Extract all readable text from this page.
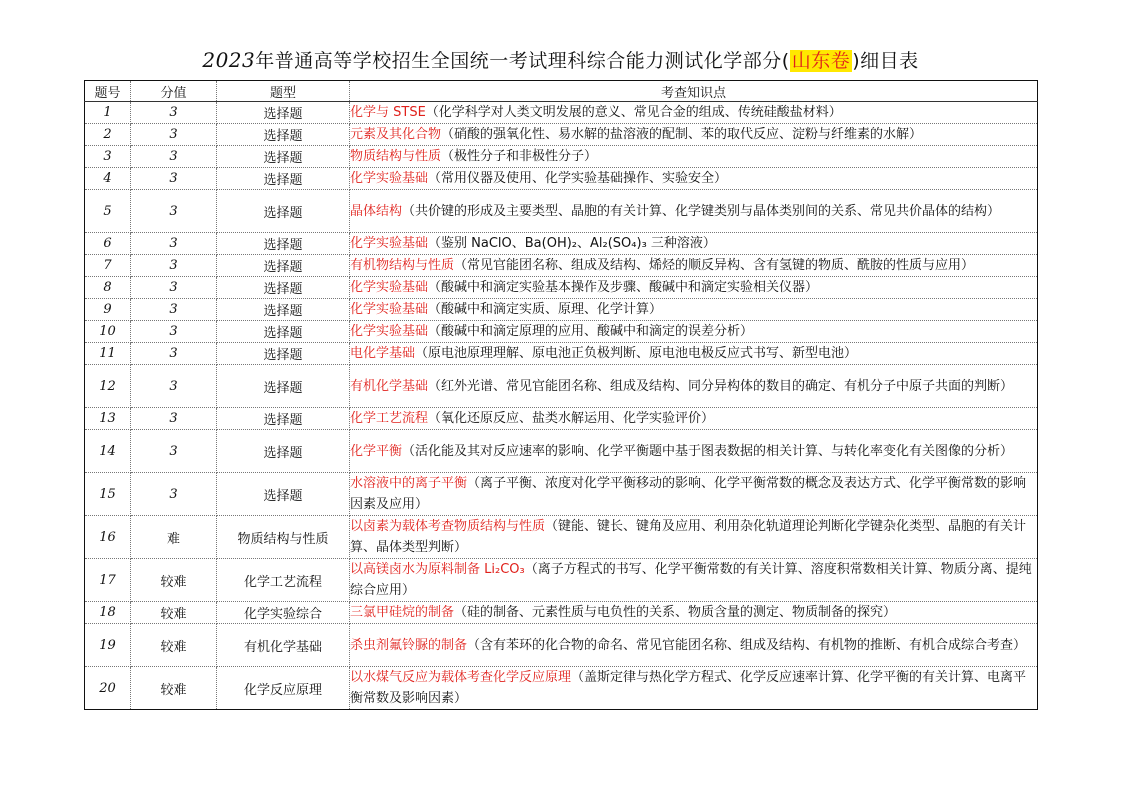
2023年普通高等学校招生全国统一考试理科综合能力测试化学部分( 山东卷 )细目表
题号	分值	题型	考查知识点
1	3	选择题	化学与 STSE（化学科学对人类文明发展的意义、常见合金的组成、传统硅酸盐材料）
2	3	选择题	元素及其化合物（硝酸的强氧化性、易水解的盐溶液的配制、苯的取代反应、淀粉与纤维素的水解）
3	3	选择题	物质结构与性质（极性分子和非极性分子）
4	3	选择题	化学实验基础（常用仪器及使用、化学实验基础操作、实验安全）
5	3	选择题	晶体结构（共价键的形成及主要类型、晶胞的有关计算、化学键类别与晶体类别间的关系、常见共价晶体的结构）
6	3	选择题	化学实验基础（鉴别 NaClO、Ba(OH)₂、Al₂(SO₄)₃ 三种溶液）
7	3	选择题	有机物结构与性质（常见官能团名称、组成及结构、烯烃的顺反异构、含有氢键的物质、酰胺的性质与应用）
8	3	选择题	化学实验基础（酸碱中和滴定实验基本操作及步骤、酸碱中和滴定实验相关仪器）
9	3	选择题	化学实验基础（酸碱中和滴定实质、原理、化学计算）
10	3	选择题	化学实验基础（酸碱中和滴定原理的应用、酸碱中和滴定的误差分析）
11	3	选择题	电化学基础（原电池原理理解、原电池正负极判断、原电池电极反应式书写、新型电池）
12	3	选择题	有机化学基础（红外光谱、常见官能团名称、组成及结构、同分异构体的数目的确定、有机分子中原子共面的判断）
13	3	选择题	化学工艺流程（氧化还原反应、盐类水解运用、化学实验评价）
14	3	选择题	化学平衡（活化能及其对反应速率的影响、化学平衡题中基于图表数据的相关计算、与转化率变化有关图像的分析）
15	3	选择题	水溶液中的离子平衡（离子平衡、浓度对化学平衡移动的影响、化学平衡常数的概念及表达方式、化学平衡常数的影响因素及应用）
16	难	物质结构与性质	以卤素为载体考查物质结构与性质（键能、键长、键角及应用、利用杂化轨道理论判断化学键杂化类型、晶胞的有关计算、晶体类型判断）
17	较难	化学工艺流程	以高镁卤水为原料制备 Li₂CO₃（离子方程式的书写、化学平衡常数的有关计算、溶度积常数相关计算、物质分离、提纯综合应用）
18	较难	化学实验综合	三氯甲硅烷的制备（硅的制备、元素性质与电负性的关系、物质含量的测定、物质制备的探究）
19	较难	有机化学基础	杀虫剂氟铃脲的制备（含有苯环的化合物的命名、常见官能团名称、组成及结构、有机物的推断、有机合成综合考查）
20	较难	化学反应原理	以水煤气反应为载体考查化学反应原理（盖斯定律与热化学方程式、化学反应速率计算、化学平衡的有关计算、电离平衡常数及影响因素）
